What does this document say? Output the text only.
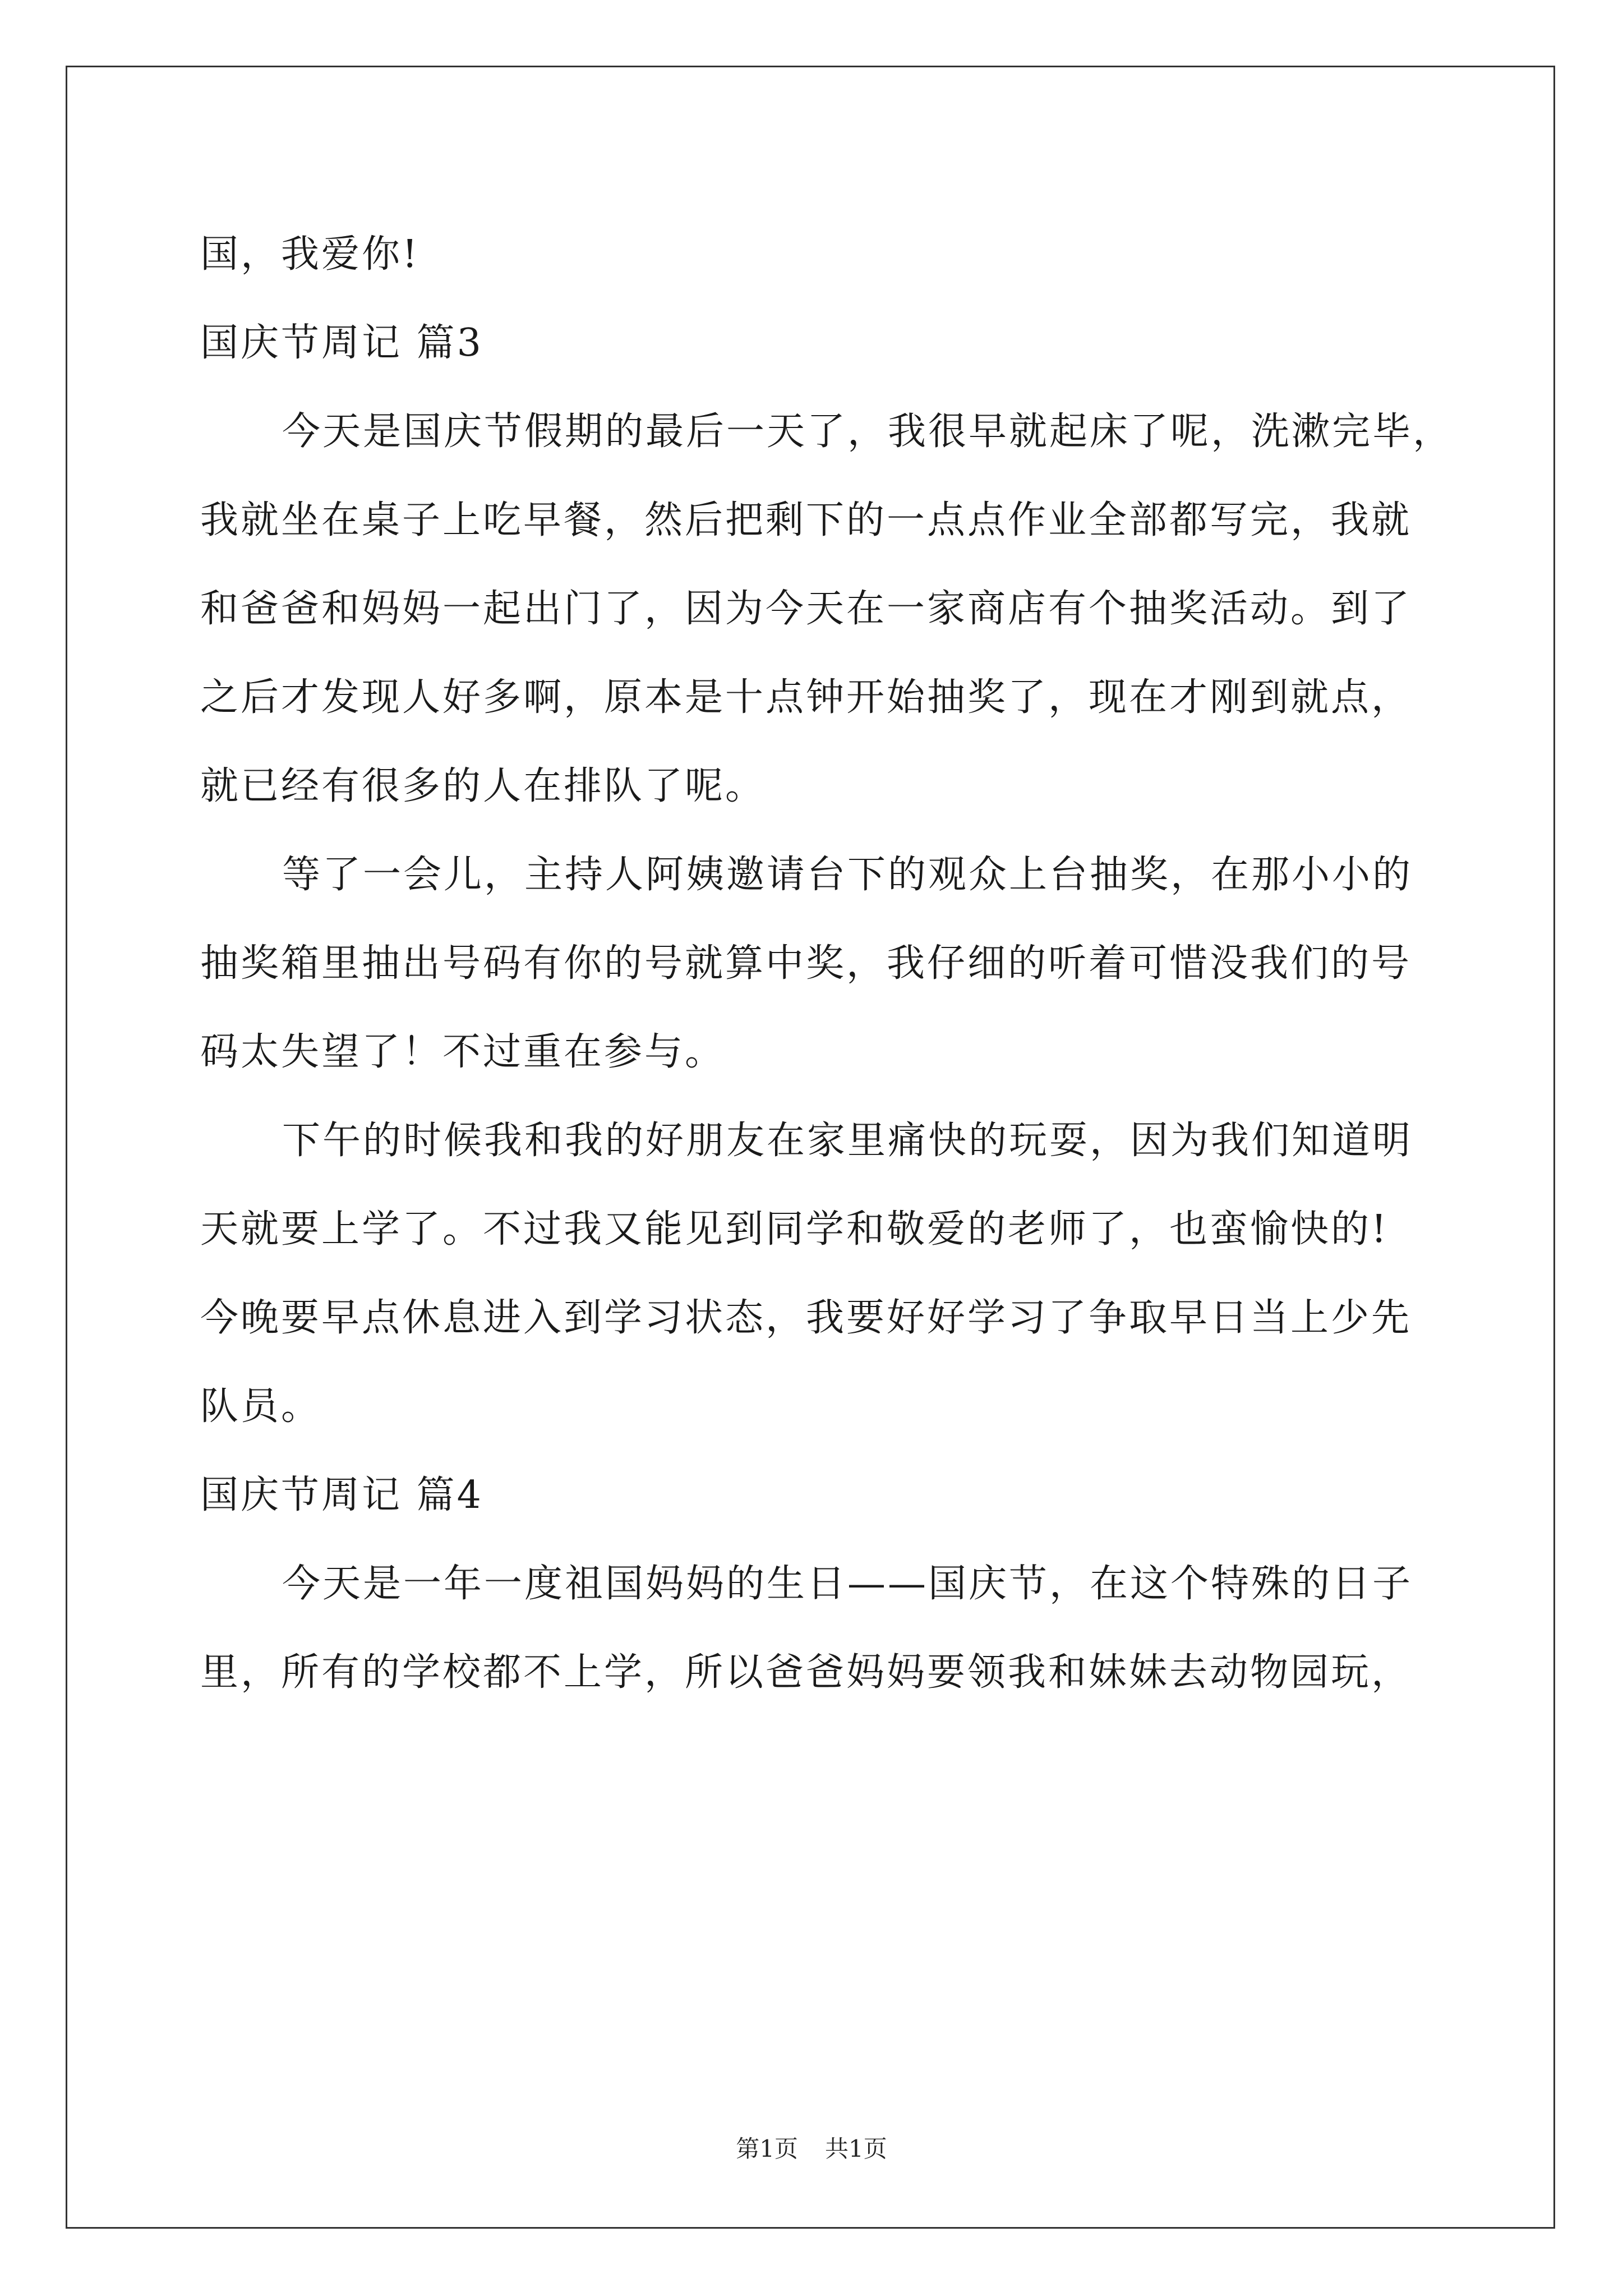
国，我爱你!
国庆节周记 篇3
今天是国庆节假期的最后一天了，我很早就起床了呢，洗漱完毕，
我就坐在桌子上吃早餐，然后把剩下的一点点作业全部都写完，我就
和爸爸和妈妈一起出门了，因为今天在一家商店有个抽奖活动。到了
之后才发现人好多啊，原本是十点钟开始抽奖了，现在才刚到就点，
就已经有很多的人在排队了呢。
等了一会儿，主持人阿姨邀请台下的观众上台抽奖，在那小小的
抽奖箱里抽出号码有你的号就算中奖，我仔细的听着可惜没我们的号
码太失望了！不过重在参与。
下午的时候我和我的好朋友在家里痛快的玩耍，因为我们知道明
天就要上学了。不过我又能见到同学和敬爱的老师了，也蛮愉快的!
今晚要早点休息进入到学习状态，我要好好学习了争取早日当上少先
队员。
国庆节周记 篇4
今天是一年一度祖国妈妈的生日——国庆节，在这个特殊的日子
里，所有的学校都不上学，所以爸爸妈妈要领我和妹妹去动物园玩，
第1页 共1页
